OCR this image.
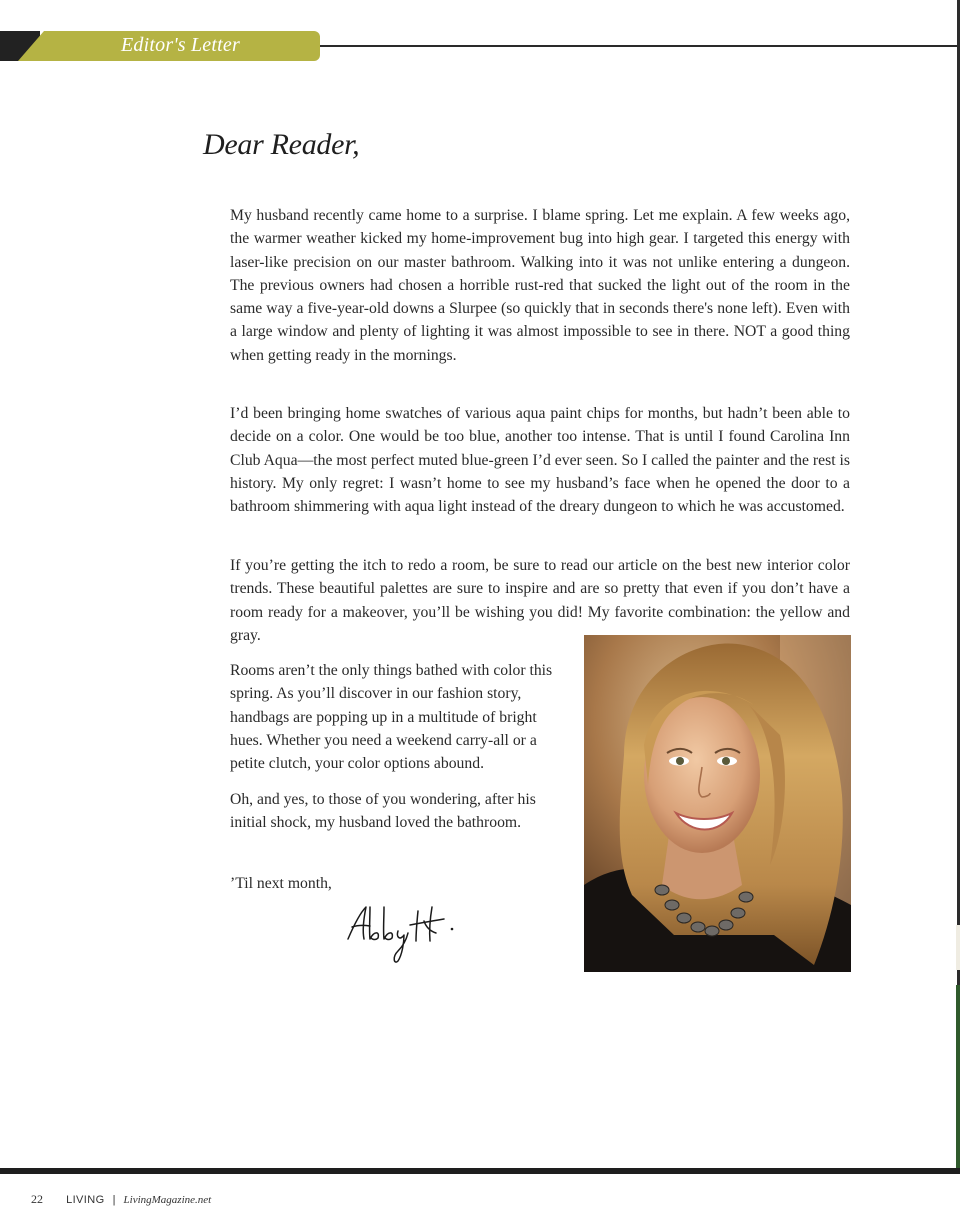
Editor's Letter
Dear Reader,

My husband recently came home to a surprise. I blame spring. Let me explain. A few weeks ago, the warmer weather kicked my home-improvement bug into high gear. I targeted this energy with laser-like precision on our master bathroom. Walking into it was not unlike entering a dungeon. The previous owners had chosen a horrible rust-red that sucked the light out of the room in the same way a five-year-old downs a Slurpee (so quickly that in seconds there's none left). Even with a large window and plenty of lighting it was almost impossible to see in there. NOT a good thing when getting ready in the mornings.

I’d been bringing home swatches of various aqua paint chips for months, but hadn’t been able to decide on a color. One would be too blue, another too intense. That is until I found Carolina Inn Club Aqua—the most perfect muted blue-green I’d ever seen. So I called the painter and the rest is history. My only regret: I wasn’t home to see my husband’s face when he opened the door to a bathroom shimmering with aqua light instead of the dreary dungeon to which he was accustomed.

If you’re getting the itch to redo a room, be sure to read our article on the best new interior color trends. These beautiful palettes are sure to inspire and are so pretty that even if you don’t have a room ready for a makeover, you’ll be wishing you did! My favorite combination: the yellow and gray.

Rooms aren’t the only things bathed with color this spring. As you’ll discover in our fashion story, handbags are popping up in a multitude of bright hues. Whether you need a weekend carry-all or a petite clutch, your color options abound.

Oh, and yes, to those of you wondering, after his initial shock, my husband loved the bathroom.

’Til next month,

22 LIVING | LivingMagazine.net
